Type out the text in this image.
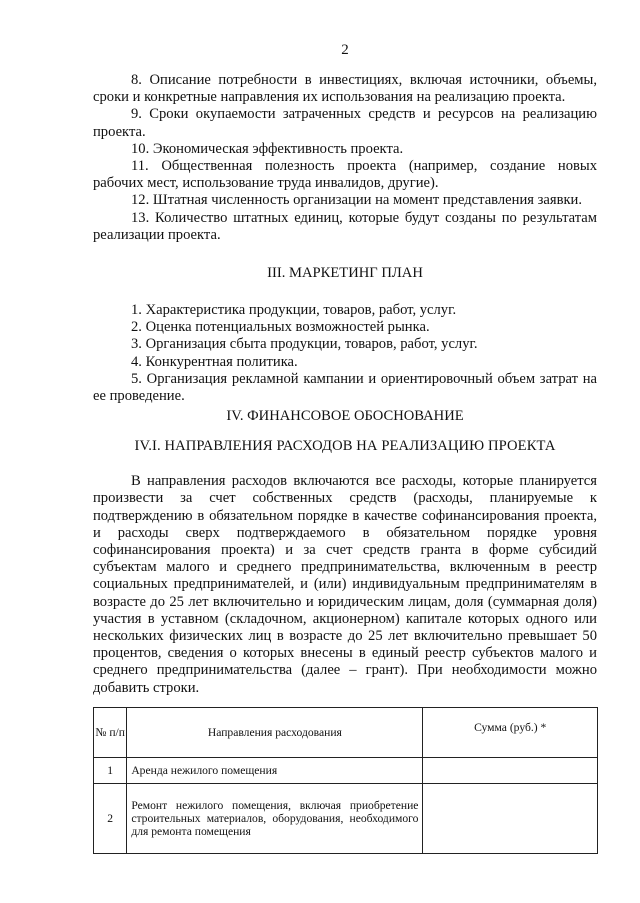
2

8. Описание потребности в инвестициях, включая источники, объемы, сроки и конкретные направления их использования на реализацию проекта.

9. Сроки окупаемости затраченных средств и ресурсов на реализацию проекта.

10. Экономическая эффективность проекта.

11. Общественная полезность проекта (например, создание новых рабочих мест, использование труда инвалидов, другие).

12. Штатная численность организации на момент представления заявки.

13. Количество штатных единиц, которые будут созданы по результатам реализации проекта.

III. МАРКЕТИНГ ПЛАН

1. Характеристика продукции, товаров, работ, услуг.

2. Оценка потенциальных возможностей рынка.

3. Организация сбыта продукции, товаров, работ, услуг.

4. Конкурентная политика.

5. Организация рекламной кампании и ориентировочный объем затрат на ее проведение.

IV. ФИНАНСОВОЕ ОБОСНОВАНИЕ
IV.I. НАПРАВЛЕНИЯ РАСХОДОВ НА РЕАЛИЗАЦИЮ ПРОЕКТА

В направления расходов включаются все расходы, которые планируется произвести за счет собственных средств (расходы, планируемые к подтверждению в обязательном порядке в качестве софинансирования проекта, и расходы сверх подтверждаемого в обязательном порядке уровня софинансирования проекта) и за счет средств гранта в форме субсидий субъектам малого и среднего предпринимательства, включенным в реестр социальных предпринимателей, и (или) индивидуальным предпринимателям в возрасте до 25 лет включительно и юридическим лицам, доля (суммарная доля) участия в уставном (складочном, акционерном) капитале которых одного или нескольких физических лиц в возрасте до 25 лет включительно превышает 50 процентов, сведения о которых внесены в единый реестр субъектов малого и среднего предпринимательства (далее – грант). При необходимости можно добавить строки.

№ п/п	Направления расходования	Сумма (руб.) *
1	Аренда нежилого помещения	
2	Ремонт нежилого помещения, включая приобретение строительных материалов, оборудования, необходимого для ремонта помещения	
